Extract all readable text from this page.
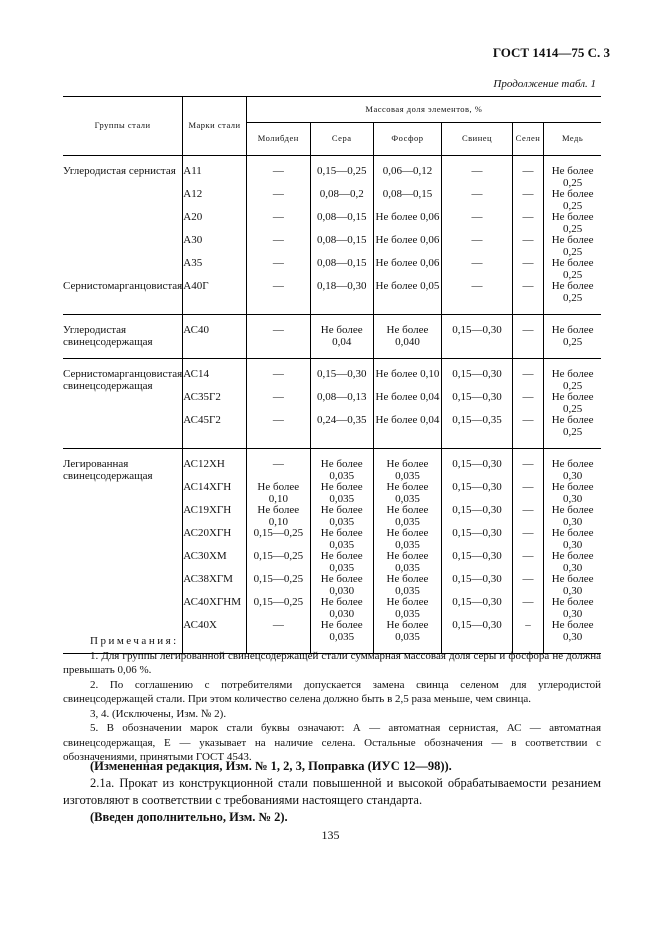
ГОСТ 1414—75 С. 3
Продолжение табл. 1
Группы стали	Марки стали	Массовая доля элементов, %					
		Молибден	Сера	Фосфор	Свинец	Селен	Медь
Углеродистая сернистая	А11	—	0,15—0,25	0,06—0,12	—	—	Не более 0,25
	А12	—	0,08—0,2	0,08—0,15	—	—	Не более 0,25
	А20	—	0,08—0,15	Не более 0,06	—	—	Не более 0,25
	А30	—	0,08—0,15	Не более 0,06	—	—	Не более 0,25
	А35	—	0,08—0,15	Не более 0,06	—	—	Не более 0,25
Сернистомарганцовистая	А40Г	—	0,18—0,30	Не более 0,05	—	—	Не более 0,25
Углеродистая свинецсодержащая	АС40	—	Не более 0,04	Не более 0,040	0,15—0,30	—	Не более 0,25
Сернистомарганцовистая свинецсодержащая	АС14	—	0,15—0,30	Не более 0,10	0,15—0,30	—	Не более 0,25
	АС35Г2	—	0,08—0,13	Не более 0,04	0,15—0,30	—	Не более 0,25
	АС45Г2	—	0,24—0,35	Не более 0,04	0,15—0,35	—	Не более 0,25
Легированная свинецсодержащая	АС12ХН	—	Не более 0,035	Не более 0,035	0,15—0,30	—	Не более 0,30
	АС14ХГН	Не более 0,10	Не более 0,035	Не более 0,035	0,15—0,30	—	Не более 0,30
	АС19ХГН	Не более 0,10	Не более 0,035	Не более 0,035	0,15—0,30	—	Не более 0,30
	АС20ХГН	0,15—0,25	Не более 0,035	Не более 0,035	0,15—0,30	—	Не более 0,30
	АС30ХМ	0,15—0,25	Не более 0,035	Не более 0,035	0,15—0,30	—	Не более 0,30
	АС38ХГМ	0,15—0,25	Не более 0,030	Не более 0,035	0,15—0,30	—	Не более 0,30
	АС40ХГНМ	0,15—0,25	Не более 0,030	Не более 0,035	0,15—0,30	—	Не более 0,30
	АС40Х	—	Не более 0,035	Не более 0,035	0,15—0,30	–	Не более 0,30

Примечания:

1. Для группы легированной свинецсодержащей стали суммарная массовая доля серы и фосфора не должна превышать 0,06 %.

2. По соглашению с потребителями допускается замена свинца селеном для углеродистой свинецсодержащей стали. При этом количество селена должно быть в 2,5 раза меньше, чем свинца.

3, 4. (Исключены, Изм. № 2).

5. В обозначении марок стали буквы означают: А — автоматная сернистая, АС — автоматная свинецсодержащая, Е — указывает на наличие селена. Остальные обозначения — в соответствии с обозначениями, принятыми ГОСТ 4543.

(Измененная редакция, Изм. № 1, 2, 3, Поправка (ИУС 12—98)).

2.1а. Прокат из конструкционной стали повышенной и высокой обрабатываемости резанием изготовляют в соответствии с требованиями настоящего стандарта.

(Введен дополнительно, Изм. № 2).

135
